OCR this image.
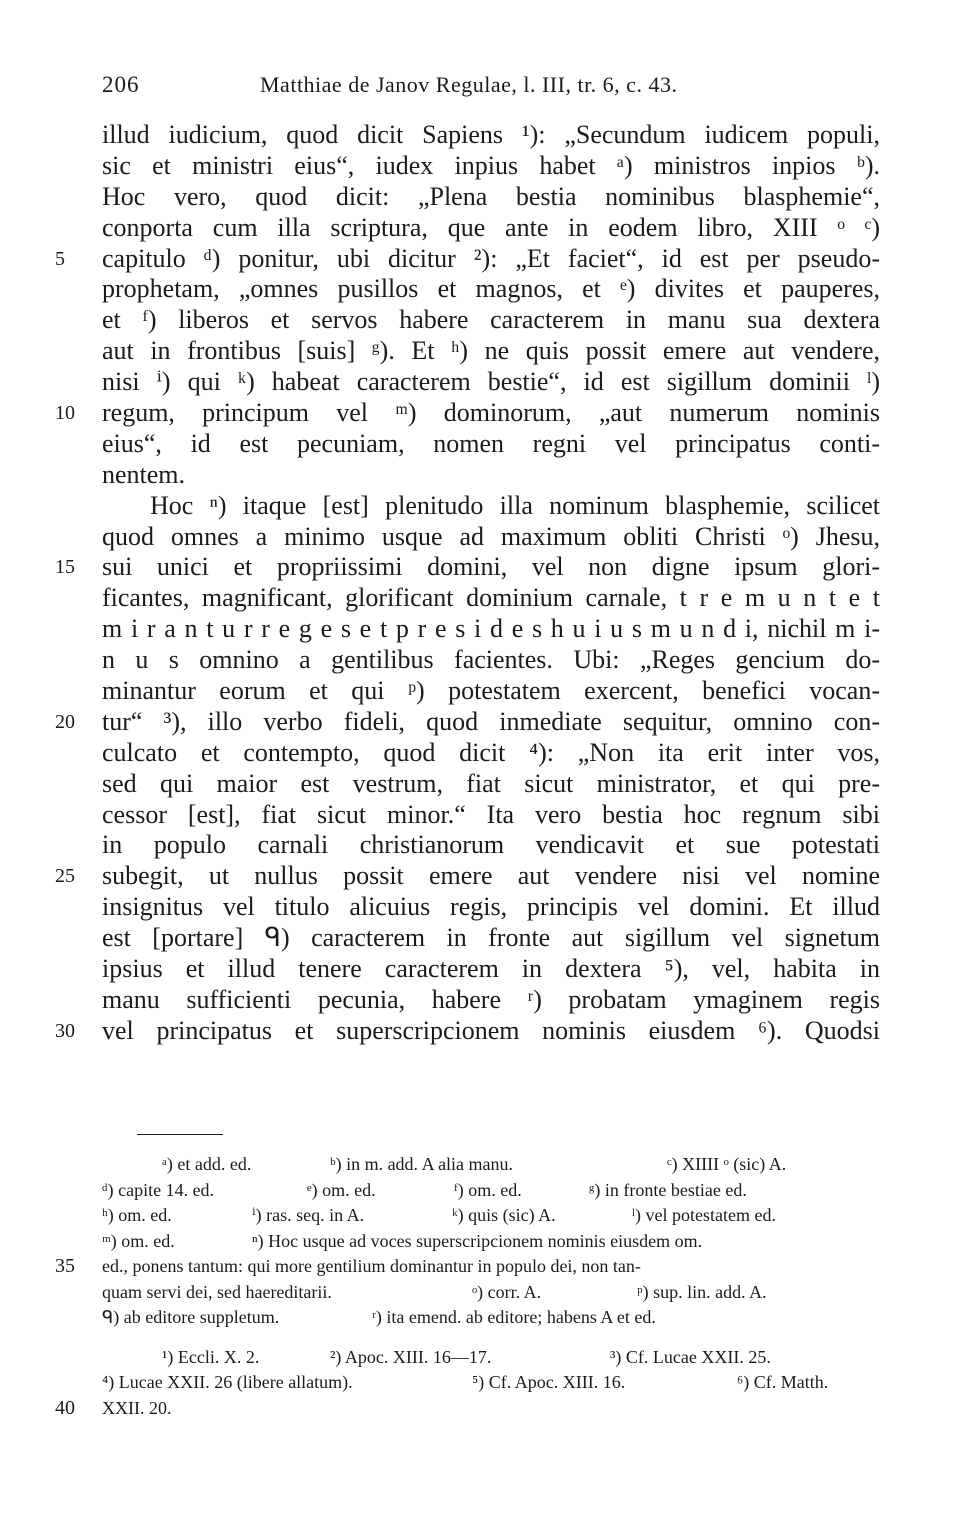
206	Matthiae de Janov Regulae, l. III, tr. 6, c. 43.
illud iudicium, quod dicit Sapiens ¹): „Secundum iudicem populi,
sic et ministri eius“, iudex inpius habet ᵃ) ministros inpios ᵇ).
Hoc vero, quod dicit: „Plena bestia nominibus blasphemie“,
conporta cum illa scriptura, que ante in eodem libro, XIII ᵒ ᶜ)
5	capitulo ᵈ) ponitur, ubi dicitur ²): „Et faciet“, id est per pseudo-
prophetam, „omnes pusillos et magnos, et ᵉ) divites et pauperes,
et ᶠ) liberos et servos habere caracterem in manu sua dextera
aut in frontibus [suis] ᵍ). Et ʰ) ne quis possit emere aut vendere,
nisi ⁱ) qui ᵏ) habeat caracterem bestie“, id est sigillum dominii ˡ)
10	regum, principum vel ᵐ) dominorum, „aut numerum nominis
eius“, id est pecuniam, nomen regni vel principatus conti-
nentem.
Hoc ⁿ) itaque [est] plenitudo illa nominum blasphemie, scilicet
quod omnes a minimo usque ad maximum obliti Christi ᵒ) Jhesu,
15	sui unici et propriissimi domini, vel non digne ipsum glori-
ficantes, magnificant, glorificant dominium carnale, t r e m u n t e t
m i r a n t u r r e g e s e t p r e s i d e s h u i u s m u n d i, nichil m i-
n u s omnino a gentilibus facientes. Ubi: „Reges gencium do-
minantur eorum et qui ᵖ) potestatem exercent, benefici vocan-
20	tur“ ³), illo verbo fideli, quod inmediate sequitur, omnino con-
culcato et contempto, quod dicit ⁴): „Non ita erit inter vos,
sed qui maior est vestrum, fiat sicut ministrator, et qui pre-
cessor [est], fiat sicut minor.“ Ita vero bestia hoc regnum sibi
in populo carnali christianorum vendicavit et sue potestati
25	subegit, ut nullus possit emere aut vendere nisi vel nomine
insignitus vel titulo alicuius regis, principis vel domini. Et illud
est [portare] ᑫ) caracterem in fronte aut sigillum vel signetum
ipsius et illud tenere caracterem in dextera ⁵), vel, habita in
manu sufficienti pecunia, habere ʳ) probatam ymaginem regis
30	vel principatus et superscripcionem nominis eiusdem ⁶). Quodsi
ᵃ) et add. ed.	ᵇ) in m. add. A alia manu.	ᶜ) XIIII ᵒ (sic) A.
ᵈ) capite 14. ed.	ᵉ) om. ed.	ᶠ) om. ed.	ᵍ) in fronte bestiae ed.
ʰ) om. ed.	ⁱ) ras. seq. in A.	ᵏ) quis (sic) A.	ˡ) vel potestatem ed.
ᵐ) om. ed.	ⁿ) Hoc usque ad voces superscripcionem nominis eiusdem om.
35	ed., ponens tantum: qui more gentilium dominantur in populo dei, non tan-
quam servi dei, sed haereditarii.	ᵒ) corr. A.	ᵖ) sup. lin. add. A.
ᑫ) ab editore suppletum.	ʳ) ita emend. ab editore; habens A et ed.
¹) Eccli. X. 2.	²) Apoc. XIII. 16—17.	³) Cf. Lucae XXII. 25.
⁴) Lucae XXII. 26 (libere allatum).	⁵) Cf. Apoc. XIII. 16.	⁶) Cf. Matth.
40	XXII. 20.
